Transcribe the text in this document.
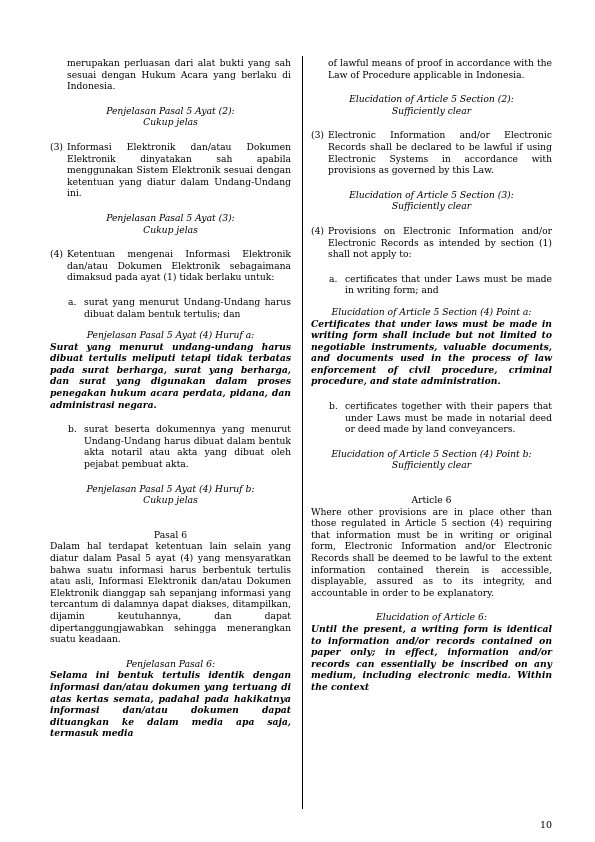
merupakan perluasan dari alat bukti yang sah sesuai dengan Hukum Acara yang berlaku di Indonesia.

Penjelasan Pasal 5 Ayat (2):

Cukup jelas

(3) Informasi Elektronik dan/atau Dokumen Elektronik dinyatakan sah apabila menggunakan Sistem Elektronik sesuai dengan ketentuan yang diatur dalam Undang-Undang ini.

Penjelasan Pasal 5 Ayat (3):

Cukup jelas

(4) Ketentuan mengenai Informasi Elektronik dan/atau Dokumen Elektronik sebagaimana dimaksud pada ayat (1) tidak berlaku untuk:

a. surat yang menurut Undang-Undang harus dibuat dalam bentuk tertulis; dan

Penjelasan Pasal 5 Ayat (4) Huruf a:

Surat yang menurut undang-undang harus dibuat tertulis meliputi tetapi tidak terbatas pada surat berharga, surat yang berharga, dan surat yang digunakan dalam proses penegakan hukum acara perdata, pidana, dan administrasi negara.

b. surat beserta dokumennya yang menurut Undang-Undang harus dibuat dalam bentuk akta notaril atau akta yang dibuat oleh pejabat pembuat akta.

Penjelasan Pasal 5 Ayat (4) Huruf b:

Cukup jelas

Pasal 6

Dalam hal terdapat ketentuan lain selain yang diatur dalam Pasal 5 ayat (4) yang mensyaratkan bahwa suatu informasi harus berbentuk tertulis atau asli, Informasi Elektronik dan/atau Dokumen Elektronik dianggap sah sepanjang informasi yang tercantum di dalamnya dapat diakses, ditampilkan, dijamin keutuhannya, dan dapat dipertanggungjawabkan sehingga menerangkan suatu keadaan.

Penjelasan Pasal 6:

Selama ini bentuk tertulis identik dengan informasi dan/atau dokumen yang tertuang di atas kertas semata, padahal pada hakikatnya informasi dan/atau dokumen dapat dituangkan ke dalam media apa saja, termasuk media

of lawful means of proof in accordance with the Law of Procedure applicable in Indonesia.

Elucidation of Article 5 Section (2):

Sufficiently clear

(3) Electronic Information and/or Electronic Records shall be declared to be lawful if using Electronic Systems in accordance with provisions as governed by this Law.

Elucidation of Article 5 Section (3):

Sufficiently clear

(4) Provisions on Electronic Information and/or Electronic Records as intended by section (1) shall not apply to:

a. certificates that under Laws must be made in writing form; and

Elucidation of Article 5 Section (4) Point a:

Certificates that under laws must be made in writing form shall include but not limited to negotiable instruments, valuable documents, and documents used in the process of law enforcement of civil procedure, criminal procedure, and state administration.

b. certificates together with their papers that under Laws must be made in notarial deed or deed made by land conveyancers.

Elucidation of Article 5 Section (4) Point b:

Sufficiently clear

Article 6

Where other provisions are in place other than those regulated in Article 5 section (4) requiring that information must be in writing or original form, Electronic Information and/or Electronic Records shall be deemed to be lawful to the extent information contained therein is accessible, displayable, assured as to its integrity, and accountable in order to be explanatory.

Elucidation of Article 6:

Until the present, a writing form is identical to information and/or records contained on paper only; in effect, information and/or records can essentially be inscribed on any medium, including electronic media. Within the context

10
